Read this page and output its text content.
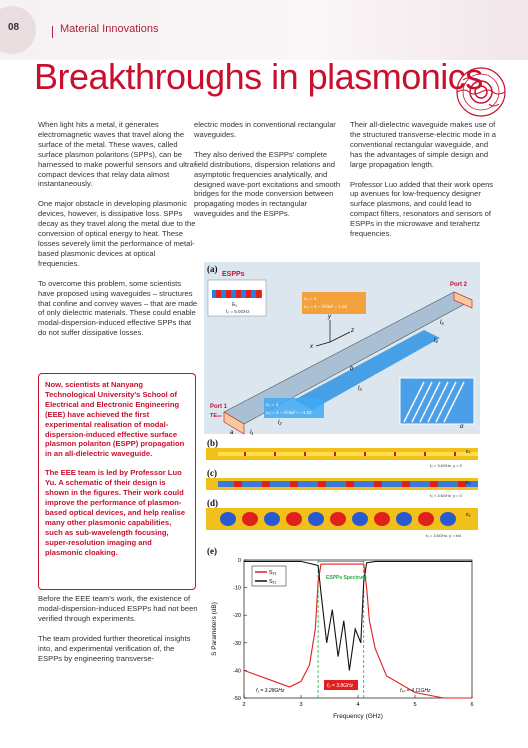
08	Material Innovations
Breakthroughs in plasmonics

When light hits a metal, it generates electromagnetic waves that travel along the surface of the metal. These waves, called surface plasmon polaritons (SPPs), can be harnessed to make powerful sensors and ultra-compact devices that relay data almost instantaneously.

One major obstacle in developing plasmonic devices, however, is dissipative loss. SPPs decay as they travel along the metal due to the conversion of optical energy to heat. These losses severely limit the performance of metal-based plasmonic devices at optical frequencies.

To overcome this problem, some scientists have proposed using waveguides – structures that confine and convey waves – that are made of only dielectric materials. These could enable modal-dispersion-induced effective SPPs that do not suffer dissipative losses.

Now, scientists at Nanyang Technological University's School of Electrical and Electronic Engineering (EEE) have achieved the first experimental realisation of modal-dispersion-induced effective surface plasmon polariton (ESPP) propagation in an all-dielectric waveguide.

The EEE team is led by Professor Luo Yu. A schematic of their design is shown in the figures. Their work could improve the performance of plasmon-based optical devices, and help realise many other plasmonic capabilities, such as sub-wavelength focusing, super-resolution imaging and plasmonic cloaking.

Before the EEE team's work, the existence of modal-dispersion-induced ESPPs had not been verified through experiments.

The team provided further theoretical insights into, and experimental verification of, the ESPPs by engineering transverse-

electric modes in conventional rectangular waveguides.

They also derived the ESPPs' complete field distributions, dispersion relations and asymptotic frequencies analytically, and designed wave-port excitations and smooth bridges for the mode conversion between propagating modes in rectangular waveguides and the ESPPs.

Their all-dielectric waveguide makes use of the structured transverse-electric mode in a conventional rectangular waveguide, and has the advantages of simple design and large propagation length.

Professor Luo added that their work opens up avenues for low-frequency designer surface plasmons, and could lead to compact filters, resonators and sensors of ESPPs in the microwave and terahertz frequencies.

(a)
ESPPs
Eᵧ
f₀ = 5.0GHz
εᵣ₁ = 4
εᵣ₂ = 4 − λ²/4a² = 1.02
Port 1
TE₁₀
Port 2
y
z
x
l₁
l₂
l₃
l₄
l₅
a
b
d
εᵣ₁ = 4
εᵣ₂ = 4 − λ²/4a² = −1.02
(b)
Eₓ
f₀ = 3.6GHz, y = 0
(c)
Eᵧ
f₀ = 3.6GHz, y = 0
(d)
Eᵧ
f₀ = 3.6GHz, y = b/4
(e)
0
-10
-20
-30
-40
-50
2	3	4	5	6
S Parameters (dB)
Frequency (GHz)
S₂₁
S₁₁
ESPPs Spectrum
f₁ = 3.28GHz
f₀ = 3.8GHz
fₛₚ = 4.11GHz
